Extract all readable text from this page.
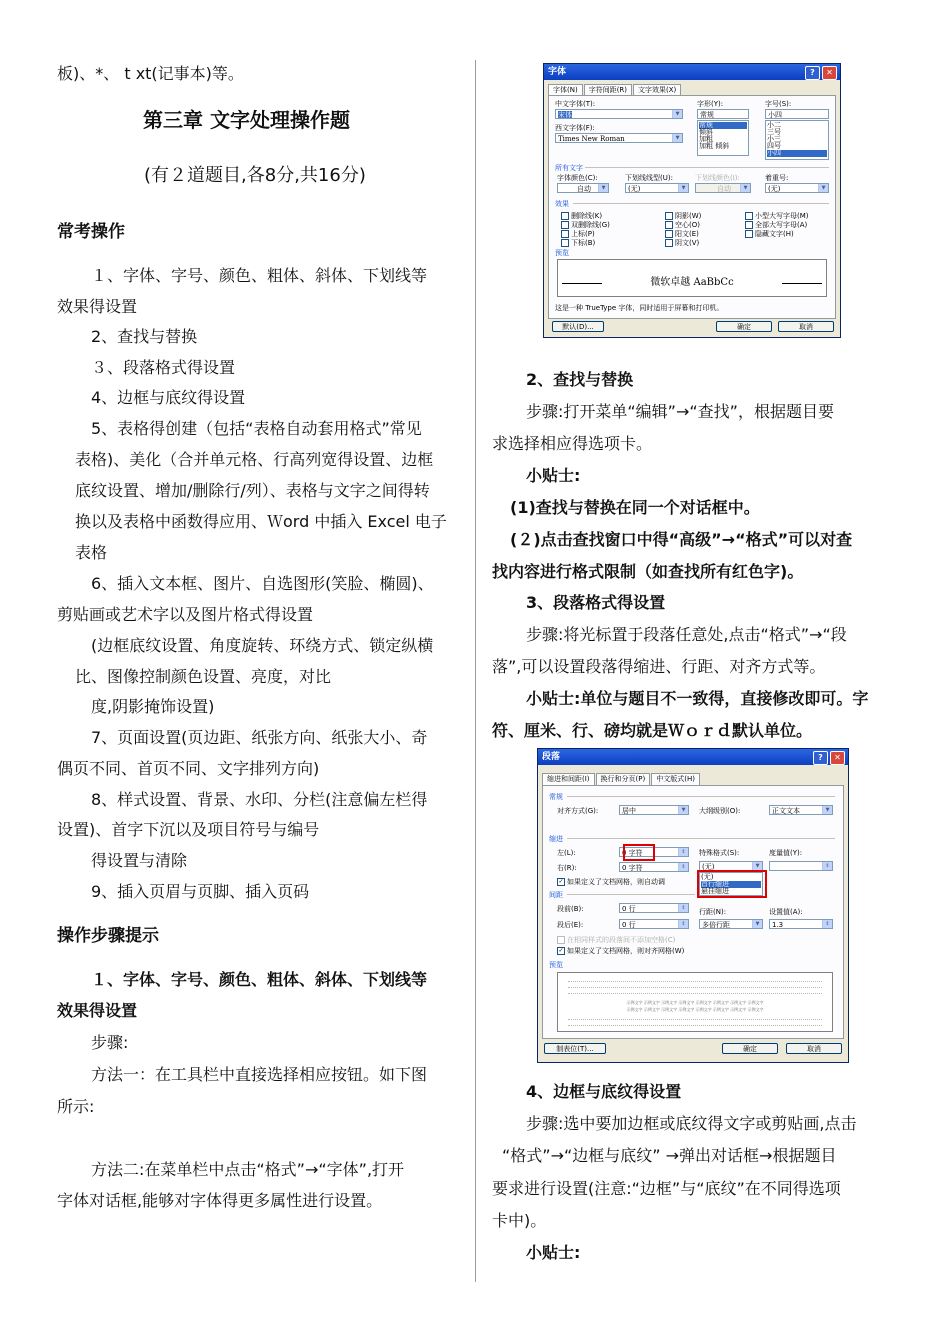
板)、*、 t xt(记事本)等。
第三章 文字处理操作题
(有２道题目,各8分,共16分)
常考操作
１、字体、字号、颜色、粗体、斜体、下划线等
效果得设置
2、查找与替换
３、段落格式得设置
4、边框与底纹得设置
5、表格得创建（包括“表格自动套用格式”常见
表格)、美化（合并单元格、行高列宽得设置、边框
底纹设置、增加/删除行/列）、表格与文字之间得转
换以及表格中函数得应用、Ｗord 中插入 Excel 电子
表格
6、插入文本框、图片、自选图形(笑脸、椭圆)、
剪贴画或艺术字以及图片格式得设置
(边框底纹设置、角度旋转、环绕方式、锁定纵横
比、图像控制颜色设置、亮度，对比
度,阴影掩饰设置)
7、页面设置(页边距、纸张方向、纸张大小、奇
偶页不同、首页不同、文字排列方向)
8、样式设置、背景、水印、分栏(注意偏左栏得
设置)、首字下沉以及项目符号与编号
得设置与清除
9、插入页眉与页脚、插入页码
操作步骤提示
１、字体、字号、颜色、粗体、斜体、下划线等
效果得设置
步骤:
方法一：在工具栏中直接选择相应按钮。如下图
所示:
方法二:在菜单栏中点击“格式”→“字体”,打开
字体对话框,能够对字体得更多属性进行设置。
字体	?	✕
字体(N)	字符间距(R)	文字效果(X)
中文字体(T):
宋体	▼
字形(Y):
常规
常规
倾斜
加粗
加粗 倾斜
字号(S):
小四
小二
三号
小三
四号
小四
西文字体(F):
Times New Roman	▼
所有文字
字体颜色(C):
自动	▼
下划线线型(U):
(无)	▼
下划线颜色(I):
自动	▼
着重号:
(无)	▼
效果
删除线(K)
双删除线(G)
上标(P)
下标(B)
阴影(W)
空心(O)
阳文(E)
阴文(V)
小型大写字母(M)
全部大写字母(A)
隐藏文字(H)
预览
微软卓越 AaBbCc
这是一种 TrueType 字体，同时适用于屏幕和打印机。
默认(D)...	确定	取消
2、查找与替换
步骤:打开菜单“编辑”→“查找”，根据题目要
求选择相应得选项卡。
小贴士:
(1)查找与替换在同一个对话框中。
(２)点击查找窗口中得“高级”→“格式”可以对查
找内容进行格式限制（如查找所有红色字)。
3、段落格式得设置
步骤:将光标置于段落任意处,点击“格式”→“段
落”,可以设置段落得缩进、行距、对齐方式等。
小贴士:单位与题目不一致得，直接修改即可。字
符、厘米、行、磅均就是Ｗｏｒｄ默认单位。
4、边框与底纹得设置
步骤:选中要加边框或底纹得文字或剪贴画,点击
“格式”→“边框与底纹” →弹出对话框→根据题目
要求进行设置(注意:“边框”与“底纹”在不同得选项
卡中)。
小贴士:
段落	?	✕
缩进和间距(I)	换行和分页(P)	中文版式(H)
常规
对齐方式(G):	居中	▼	大纲级别(O):	正文文本	▼
缩进
左(L):	0 字符	⇕
右(R):	0 字符	⇕
特殊格式(S):
(无)	▼
(无)
首行缩进
悬挂缩进
度量值(Y):
⇕
✓ 如果定义了文档网格，则自动调
间距
段前(B):	0 行	⇕
段后(E):	0 行	⇕
行距(N):
多倍行距	▼
设置值(A):
1.3	⇕
在相同样式的段落间不添加空格(C)
✓ 如果定义了文档网格，则对齐网格(W)
预览
示例文字 示例文字 示例文字 示例文字 示例文字 示例文字 示例文字 示例文字
示例文字 示例文字 示例文字 示例文字 示例文字 示例文字 示例文字 示例文字
制表位(T)...	确定	取消
